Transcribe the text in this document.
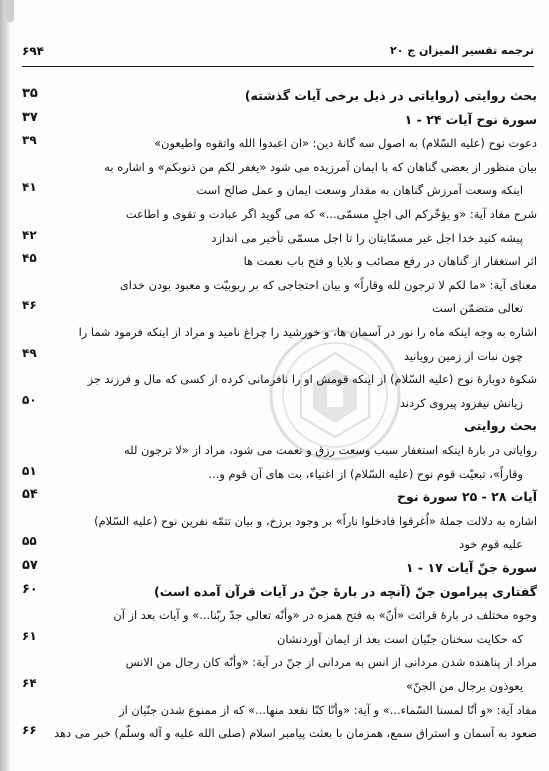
۶۹۴	ترجمه تفسير الميزان ج ۲۰
۳۵	بحث روايتى (رواياتى در ذيل برخى آيات گذشته)
۳۷	سورة نوح آيات ۲۴ - ۱
۳۹	دعوت نوح (عليه السّلام) به اصول سه گانهٔ دين: «ان اعبدوا الله واتقوه واطيعون»
بيان منظور از بعضى گناهان كه با ايمان آمرزيده مى شود «يغفر لكم من ذنوبكم» و اشاره به
۴۱	اينكه وسعت آمرزش گناهان به مقدار وسعت ايمان و عمل صالح است
شرح مفاد آية: «و يؤخّركم الى اجلٍ مسمّى...» كه مى گويد اگر عبادت و تقوى و اطاعت
۴۲	پيشه كنيد خدا اجل غير مسمّايتان را تا اجل مسمّى تأخير مى اندازد
۴۵	اثر استغفار از گناهان در رفع مصائب و بلايا و فتح باب نعمت ها
معناى آية: «ما لكم لا ترجون لله وقاراً» و بيان احتجاجى كه بر ربوبيّت و معبود بودن خداى
۴۶	تعالى متضمّن است
اشاره به وجه اينكه ماه را نور در آسمان ها، و خورشيد را چراغ ناميد و مراد از اينكه فرمود شما را
۴۹	چون نبات از زمين رويانيد
شكوۀ دوبارۀ نوح (عليه السّلام) از اينكه قومش او را نافرمانى كرده از كسى كه مال و فرزند جز
۵۰	زيانش نيفزود پيروى كردند
بحث روايتى
رواياتى در بارۀ اينكه استغفار سبب وسعت رزق و نعمت مى شود، مراد از «لا ترجون لله
۵۱	وقاراً»، تبعيّت قوم نوح (عليه السّلام) از اغنياء، بت هاى آن قوم و...
۵۴	آيات ۲۸ - ۲۵ سورة نوح
اشاره به دلالت جملۀ «اُغرقوا فادخلوا ناراً» بر وجود برزخ، و بيان تتمّه نفرين نوح (عليه السّلام)
۵۵	عليه قوم خود
۵۷	سورة جنّ آيات ۱۷ - ۱
۶۰	گفتارى پيرامون جنّ (آنچه در بارۀ جنّ در آيات قرآن آمده است)
وجوه مختلف در بارۀ قرائت «أنّ» به فتح همزه در «وأنّه تعالى جدّ ربّنا...» و آيات بعد از آن
۶۱	كه حكايت سخنان جنّيان است بعد از ايمان آوردنشان
مراد از پناهنده شدن مردانى از انس به مردانى از جنّ در آية: «وأنّه كان رجال من الانس
۶۴	يعوذون برجال من الجنّ»
مفاد آية: «و أنّا لمسنا السّماء...» و آية: «وأنّا كنّا نقعد منها...» كه از ممنوع شدن جنّيان از
۶۶ صعود به آسمان و استراق سمع، همزمان با بعثت پيامبر اسلام (صلى الله عليه و آله وسلّم) خبر مى دهد
